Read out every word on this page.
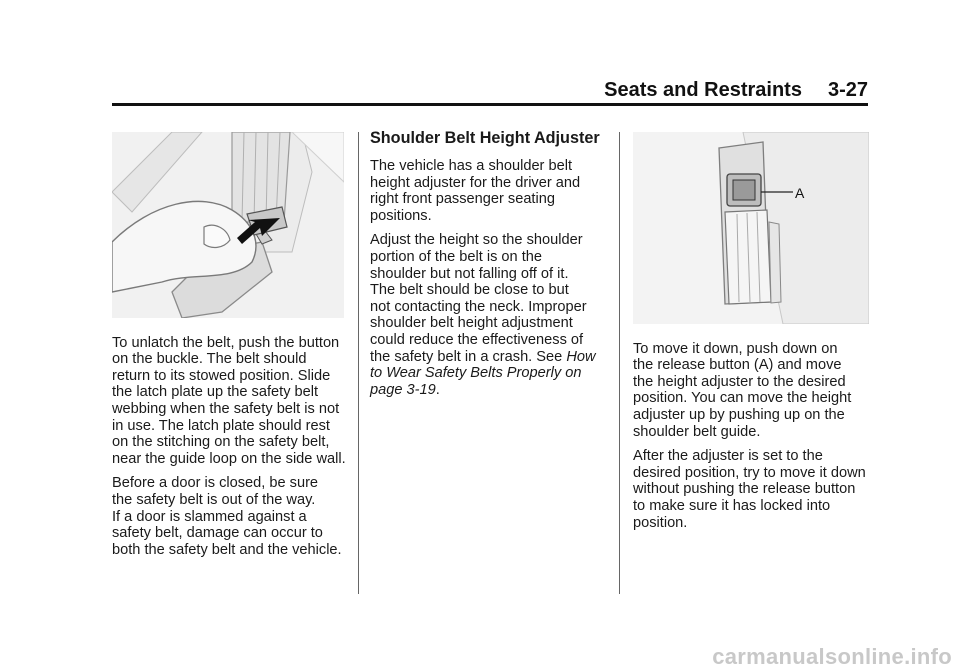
Seats and Restraints 3-27

To unlatch the belt, push the button
on the buckle. The belt should
return to its stowed position. Slide
the latch plate up the safety belt
webbing when the safety belt is not
in use. The latch plate should rest
on the stitching on the safety belt,
near the guide loop on the side wall.

Before a door is closed, be sure
the safety belt is out of the way.
If a door is slammed against a
safety belt, damage can occur to
both the safety belt and the vehicle.

Shoulder Belt Height Adjuster

The vehicle has a shoulder belt
height adjuster for the driver and
right front passenger seating
positions.

Adjust the height so the shoulder
portion of the belt is on the
shoulder but not falling off of it.
The belt should be close to but
not contacting the neck. Improper
shoulder belt height adjustment
could reduce the effectiveness of
the safety belt in a crash. See How
to Wear Safety Belts Properly on
page 3-19.

A

To move it down, push down on
the release button (A) and move
the height adjuster to the desired
position. You can move the height
adjuster up by pushing up on the
shoulder belt guide.

After the adjuster is set to the
desired position, try to move it down
without pushing the release button
to make sure it has locked into
position.

carmanualsonline.info
